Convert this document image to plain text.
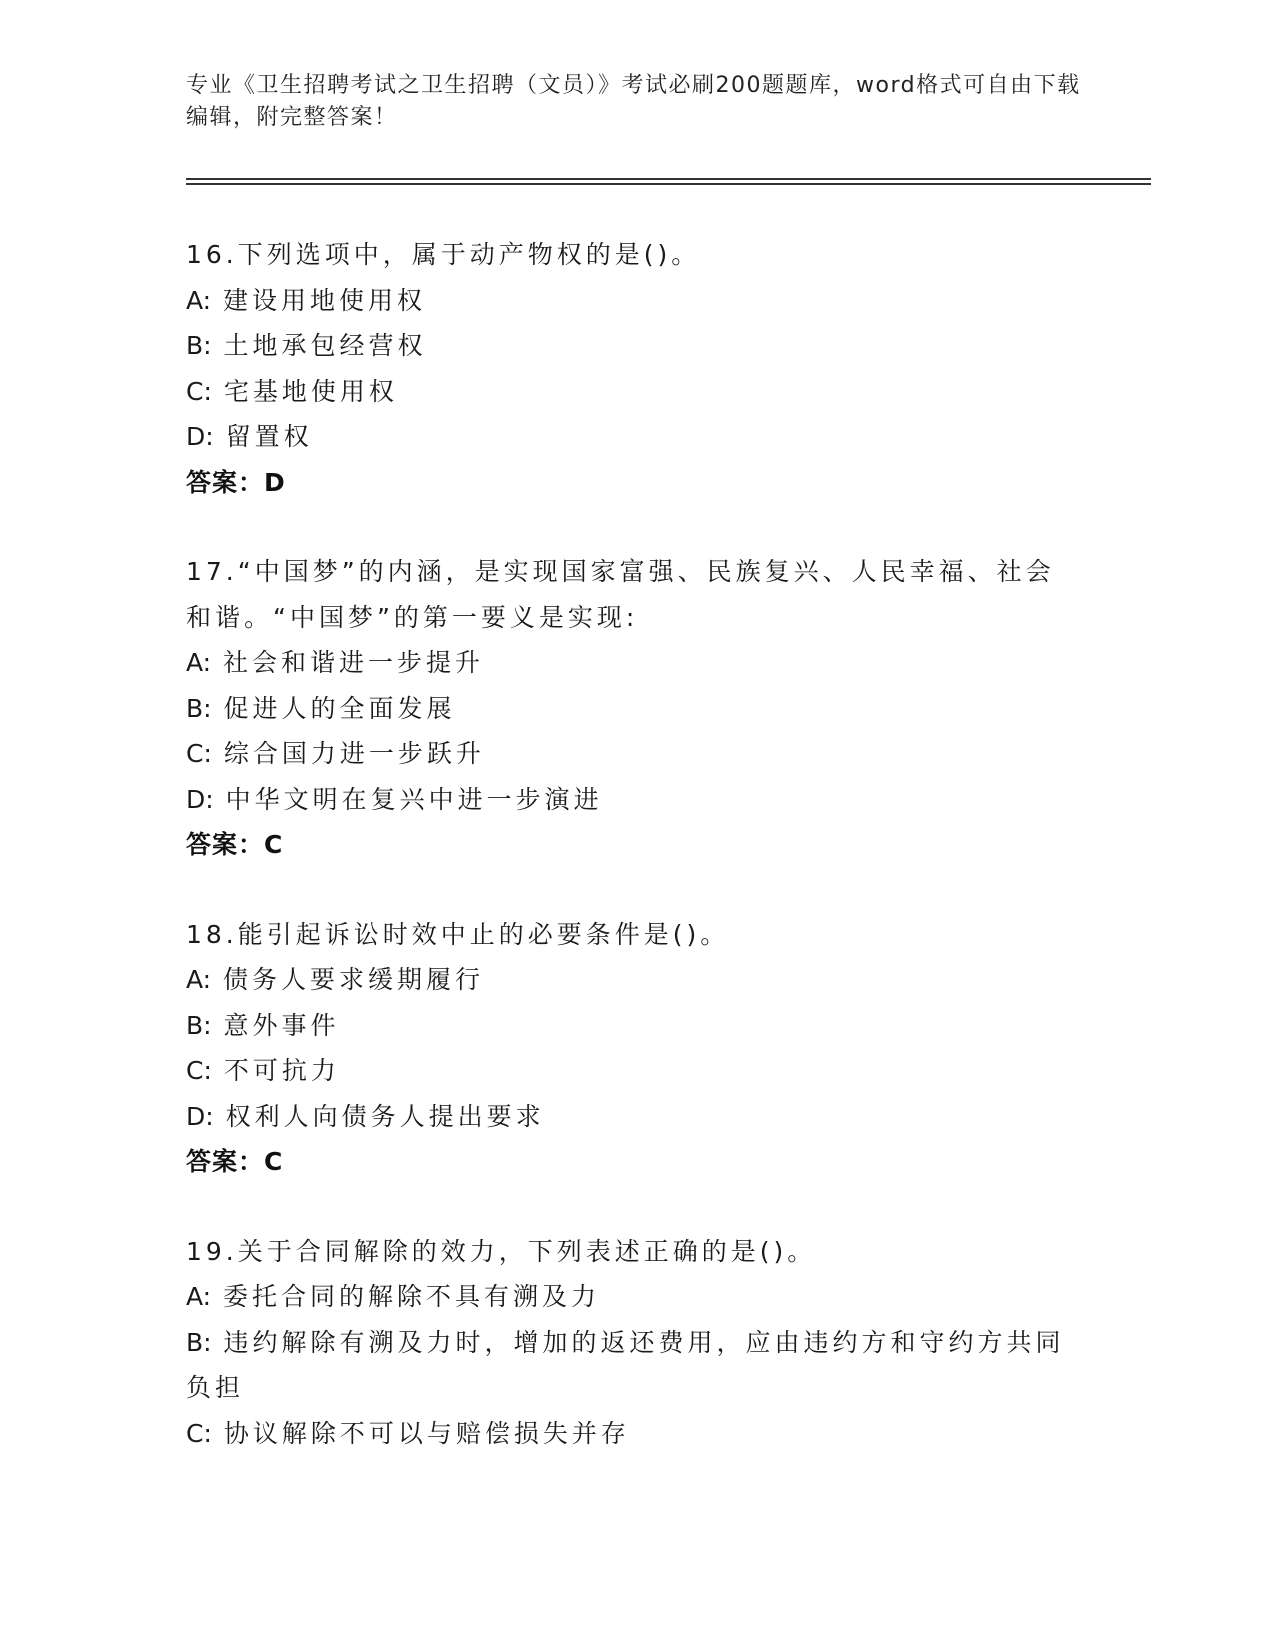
专业《卫生招聘考试之卫生招聘（文员）》考试必刷200题题库，word格式可自由下载编辑，附完整答案！
16.下列选项中，属于动产物权的是()。
A: 建设用地使用权
B: 土地承包经营权
C: 宅基地使用权
D: 留置权
答案：D
17.“中国梦”的内涵，是实现国家富强、民族复兴、人民幸福、社会和谐。“中国梦”的第一要义是实现:
A: 社会和谐进一步提升
B: 促进人的全面发展
C: 综合国力进一步跃升
D: 中华文明在复兴中进一步演进
答案：C
18.能引起诉讼时效中止的必要条件是()。
A: 债务人要求缓期履行
B: 意外事件
C: 不可抗力
D: 权利人向债务人提出要求
答案：C
19.关于合同解除的效力，下列表述正确的是()。
A: 委托合同的解除不具有溯及力
B: 违约解除有溯及力时，增加的返还费用，应由违约方和守约方共同负担
C: 协议解除不可以与赔偿损失并存
